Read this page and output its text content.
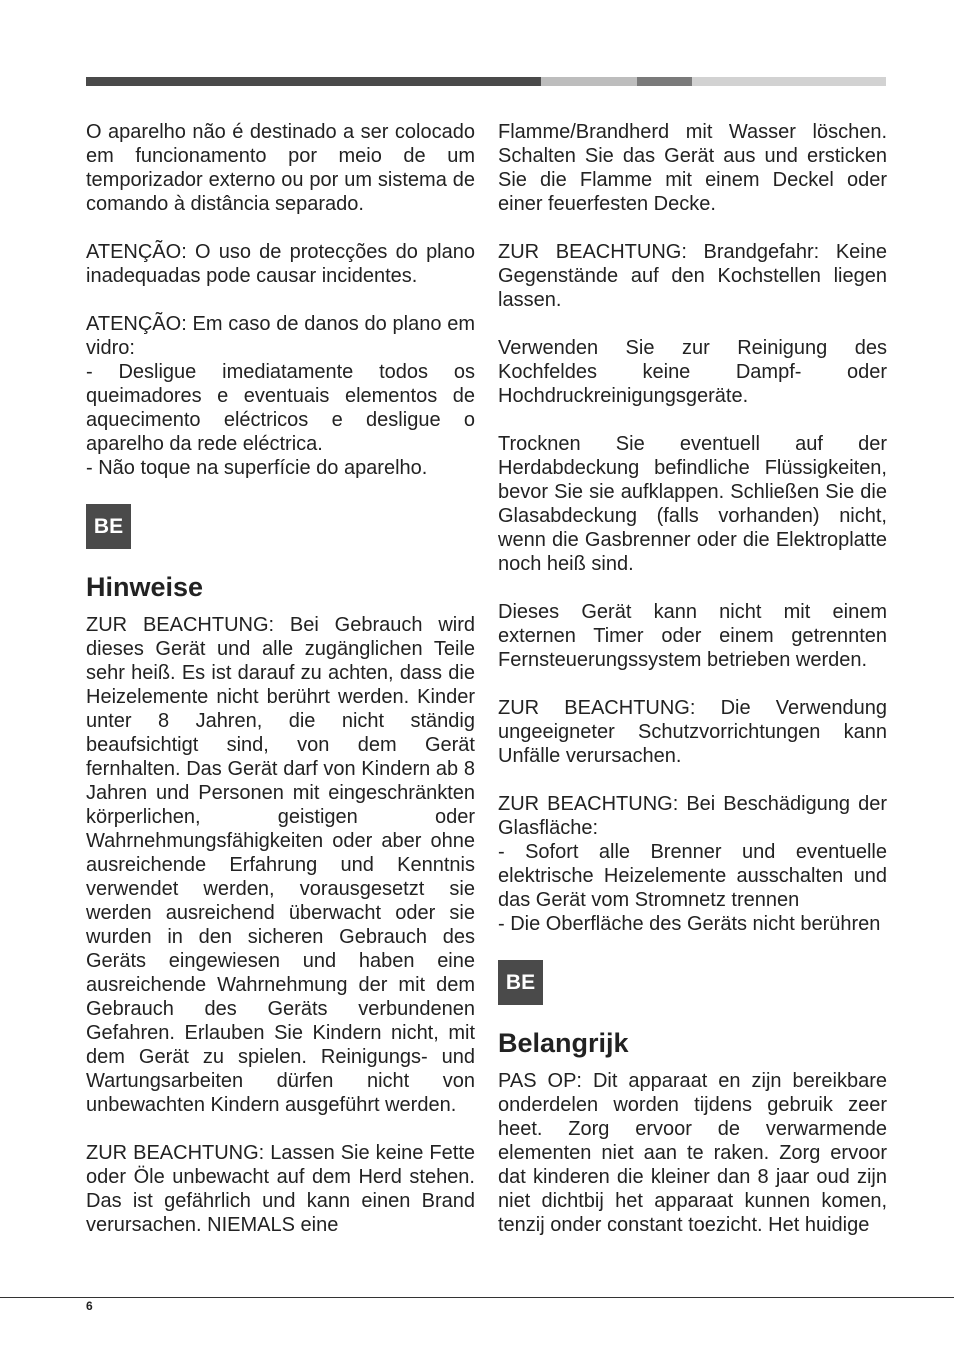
O aparelho não é destinado a ser colocado em funcionamento por meio de um temporizador externo ou por um sistema de comando à distância separado.

ATENÇÃO: O uso de protecções do plano inadequadas pode causar incidentes.

ATENÇÃO: Em caso de danos do plano em vidro:
- Desligue imediatamente todos os queimadores e eventuais elementos de aquecimento eléctricos e desligue o aparelho da rede eléctrica.
- Não toque na superfície do aparelho.

BE
Hinweise

ZUR BEACHTUNG: Bei Gebrauch wird dieses Gerät und alle zugänglichen Teile sehr heiß. Es ist darauf zu achten, dass die Heizelemente nicht berührt werden. Kinder unter 8 Jahren, die nicht ständig beaufsichtigt sind, von dem Gerät fernhalten. Das Gerät darf von Kindern ab 8 Jahren und Personen mit eingeschränkten körperlichen, geistigen oder Wahrnehmungsfähigkeiten oder aber ohne ausreichende Erfahrung und Kenntnis verwendet werden, vorausgesetzt sie werden ausreichend überwacht oder sie wurden in den sicheren Gebrauch des Geräts eingewiesen und haben eine ausreichende Wahrnehmung der mit dem Gebrauch des Geräts verbundenen Gefahren. Erlauben Sie Kindern nicht, mit dem Gerät zu spielen. Reinigungs- und Wartungsarbeiten dürfen nicht von unbewachten Kindern ausgeführt werden.

ZUR BEACHTUNG: Lassen Sie keine Fette oder Öle unbewacht auf dem Herd stehen. Das ist gefährlich und kann einen Brand verursachen. NIEMALS eine

Flamme/Brandherd mit Wasser löschen. Schalten Sie das Gerät aus und ersticken Sie die Flamme mit einem Deckel oder einer feuerfesten Decke.

ZUR BEACHTUNG: Brandgefahr: Keine Gegenstände auf den Kochstellen liegen lassen.

Verwenden Sie zur Reinigung des Kochfeldes keine Dampf- oder Hochdruckreinigungsgeräte.

Trocknen Sie eventuell auf der Herdabdeckung befindliche Flüssigkeiten, bevor Sie sie aufklappen. Schließen Sie die Glasabdeckung (falls vorhanden) nicht, wenn die Gasbrenner oder die Elektroplatte noch heiß sind.

Dieses Gerät kann nicht mit einem externen Timer oder einem getrennten Fernsteuerungssystem betrieben werden.

ZUR BEACHTUNG: Die Verwendung ungeeigneter Schutzvorrichtungen kann Unfälle verursachen.

ZUR BEACHTUNG: Bei Beschädigung der Glasfläche:
- Sofort alle Brenner und eventuelle elektrische Heizelemente ausschalten und das Gerät vom Stromnetz trennen
- Die Oberfläche des Geräts nicht berühren

BE
Belangrijk

PAS OP: Dit apparaat en zijn bereikbare onderdelen worden tijdens gebruik zeer heet. Zorg ervoor de verwarmende elementen niet aan te raken. Zorg ervoor dat kinderen die kleiner dan 8 jaar oud zijn niet dichtbij het apparaat kunnen komen, tenzij onder constant toezicht. Het huidige

6
